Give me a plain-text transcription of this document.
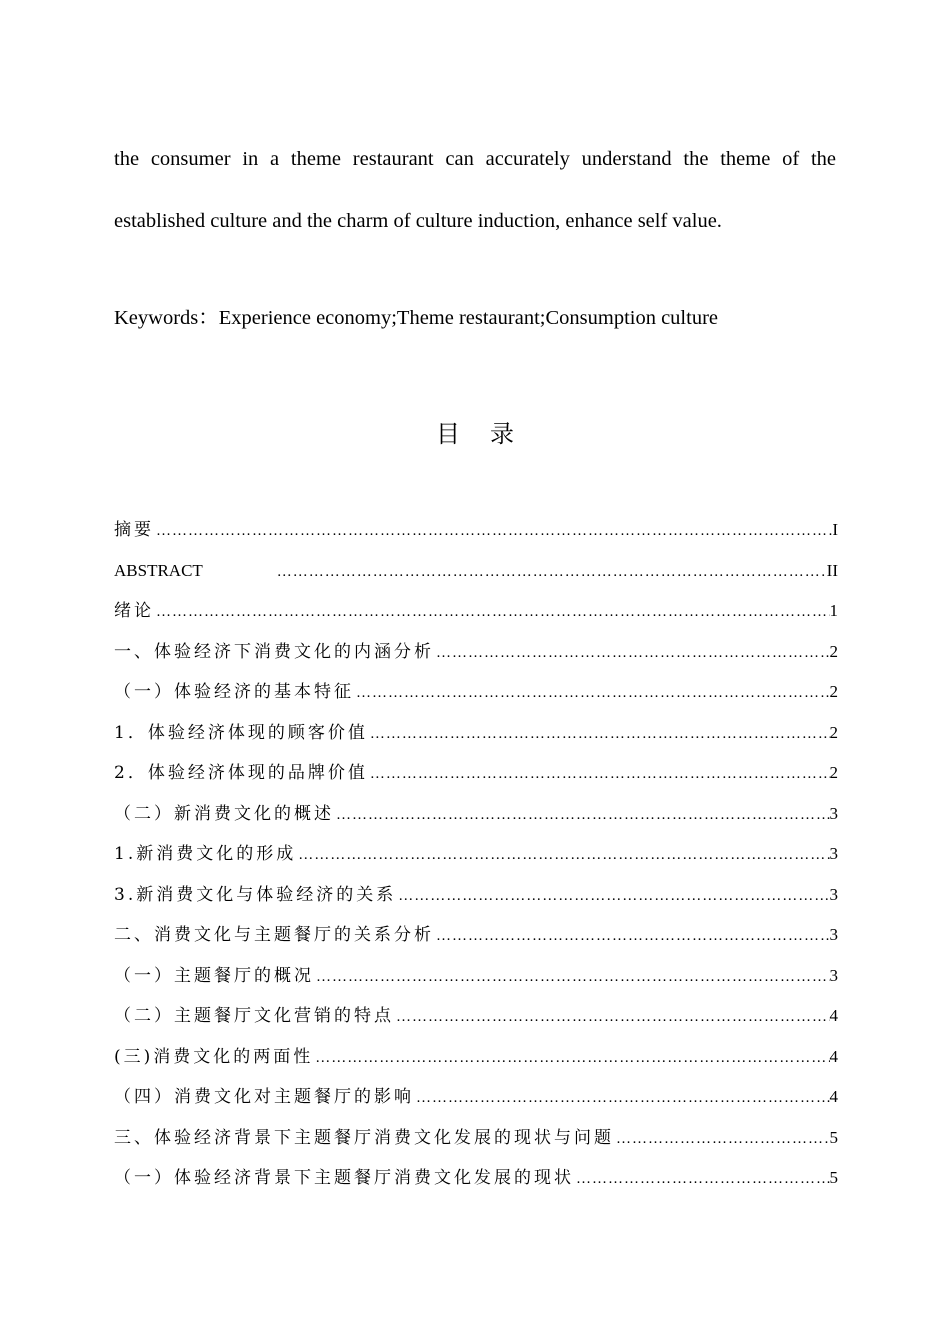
the consumer in a theme restaurant can accurately understand the theme of the

established culture and the charm of culture induction, enhance self value.

Keywords：Experience economy;Theme restaurant;Consumption culture
目录
摘要 …………………………………………………………………………………………………………………………………………………………	I
ABSTRACT …………………………………………………………………………………………………………………………………………………………	II
绪论 …………………………………………………………………………………………………………………………………………………………	1
一、体验经济下消费文化的内涵分析 …………………………………………………………………………………………………………………………………………………………	2
（一）体验经济的基本特征 …………………………………………………………………………………………………………………………………………………………	2
1．体验经济体现的顾客价值 …………………………………………………………………………………………………………………………………………………………	2
2．体验经济体现的品牌价值 …………………………………………………………………………………………………………………………………………………………	2
（二）新消费文化的概述 …………………………………………………………………………………………………………………………………………………………	3
1.新消费文化的形成 …………………………………………………………………………………………………………………………………………………………	3
3.新消费文化与体验经济的关系 …………………………………………………………………………………………………………………………………………………………	3
二、消费文化与主题餐厅的关系分析 …………………………………………………………………………………………………………………………………………………………	3
（一）主题餐厅的概况 …………………………………………………………………………………………………………………………………………………………	3
（二）主题餐厅文化营销的特点 …………………………………………………………………………………………………………………………………………………………	4
(三)消费文化的两面性 …………………………………………………………………………………………………………………………………………………………	4
（四）消费文化对主题餐厅的影响 …………………………………………………………………………………………………………………………………………………………	4
三、体验经济背景下主题餐厅消费文化发展的现状与问题 …………………………………………………………………………………………………………………………………………………………	5
（一）体验经济背景下主题餐厅消费文化发展的现状 …………………………………………………………………………………………………………………………………………………………	5
